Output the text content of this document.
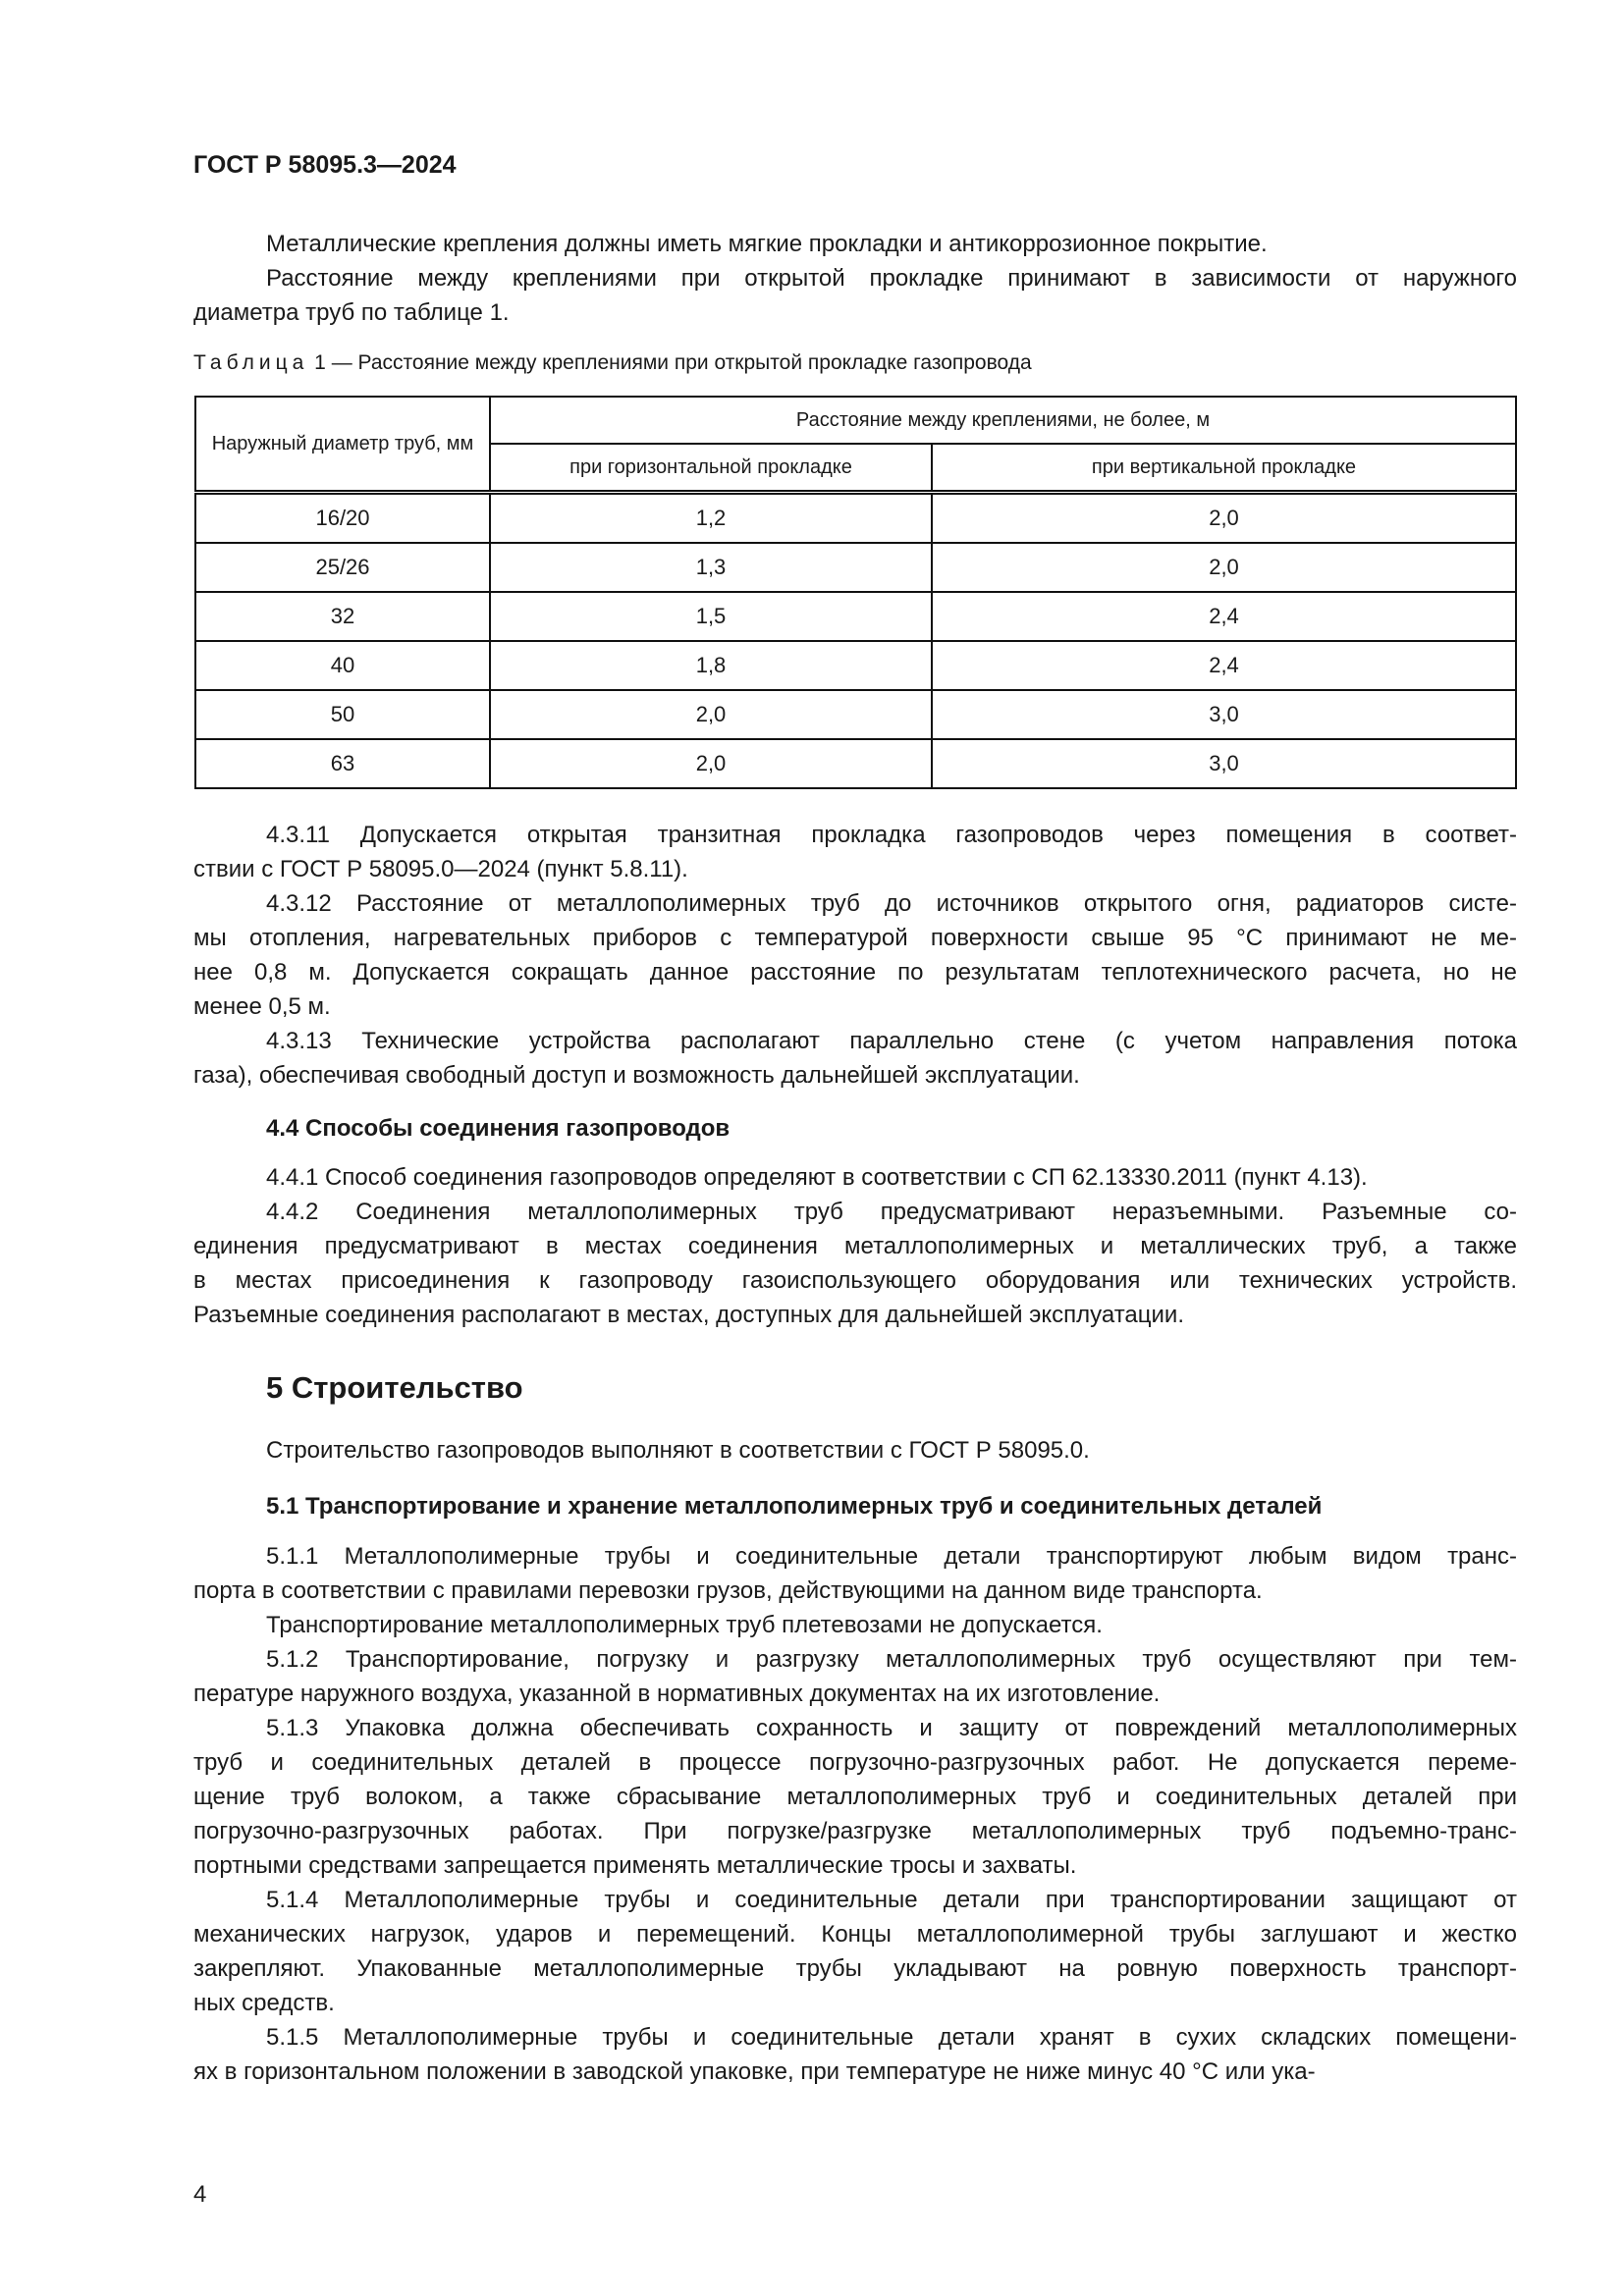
ГОСТ Р 58095.3—2024
Металлические крепления должны иметь мягкие прокладки и антикоррозионное покрытие.
Расстояние между креплениями при открытой прокладке принимают в зависимости от наружного
диаметра труб по таблице 1.
Таблица 1 — Расстояние между креплениями при открытой прокладке газопровода
Наружный диаметр труб, мм	Расстояние между креплениями, не более, м	
	при горизонтальной прокладке	при вертикальной прокладке
16/20	1,2	2,0
25/26	1,3	2,0
32	1,5	2,4
40	1,8	2,4
50	2,0	3,0
63	2,0	3,0
4.3.11 Допускается открытая транзитная прокладка газопроводов через помещения в соответ-
ствии с ГОСТ Р 58095.0—2024 (пункт 5.8.11).
4.3.12 Расстояние от металлополимерных труб до источников открытого огня, радиаторов систе-
мы отопления, нагревательных приборов с температурой поверхности свыше 95 °С принимают не ме-
нее 0,8 м. Допускается сокращать данное расстояние по результатам теплотехнического расчета, но не
менее 0,5 м.
4.3.13 Технические устройства располагают параллельно стене (с учетом направления потока
газа), обеспечивая свободный доступ и возможность дальнейшей эксплуатации.
4.4 Способы соединения газопроводов
4.4.1 Способ соединения газопроводов определяют в соответствии с СП 62.13330.2011 (пункт 4.13).
4.4.2 Соединения металлополимерных труб предусматривают неразъемными. Разъемные со-
единения предусматривают в местах соединения металлополимерных и металлических труб, а также
в местах присоединения к газопроводу газоиспользующего оборудования или технических устройств.
Разъемные соединения располагают в местах, доступных для дальнейшей эксплуатации.
5 Строительство
Строительство газопроводов выполняют в соответствии с ГОСТ Р 58095.0.
5.1 Транспортирование и хранение металлополимерных труб и соединительных деталей
5.1.1 Металлополимерные трубы и соединительные детали транспортируют любым видом транс-
порта в соответствии с правилами перевозки грузов, действующими на данном виде транспорта.
Транспортирование металлополимерных труб плетевозами не допускается.
5.1.2 Транспортирование, погрузку и разгрузку металлополимерных труб осуществляют при тем-
пературе наружного воздуха, указанной в нормативных документах на их изготовление.
5.1.3 Упаковка должна обеспечивать сохранность и защиту от повреждений металлополимерных
труб и соединительных деталей в процессе погрузочно-разгрузочных работ. Не допускается переме-
щение труб волоком, а также сбрасывание металлополимерных труб и соединительных деталей при
погрузочно-разгрузочных работах. При погрузке/разгрузке металлополимерных труб подъемно-транс-
портными средствами запрещается применять металлические тросы и захваты.
5.1.4 Металлополимерные трубы и соединительные детали при транспортировании защищают от
механических нагрузок, ударов и перемещений. Концы металлополимерной трубы заглушают и жестко
закрепляют. Упакованные металлополимерные трубы укладывают на ровную поверхность транспорт-
ных средств.
5.1.5 Металлополимерные трубы и соединительные детали хранят в сухих складских помещени-
ях в горизонтальном положении в заводской упаковке, при температуре не ниже минус 40 °С или ука-
4
